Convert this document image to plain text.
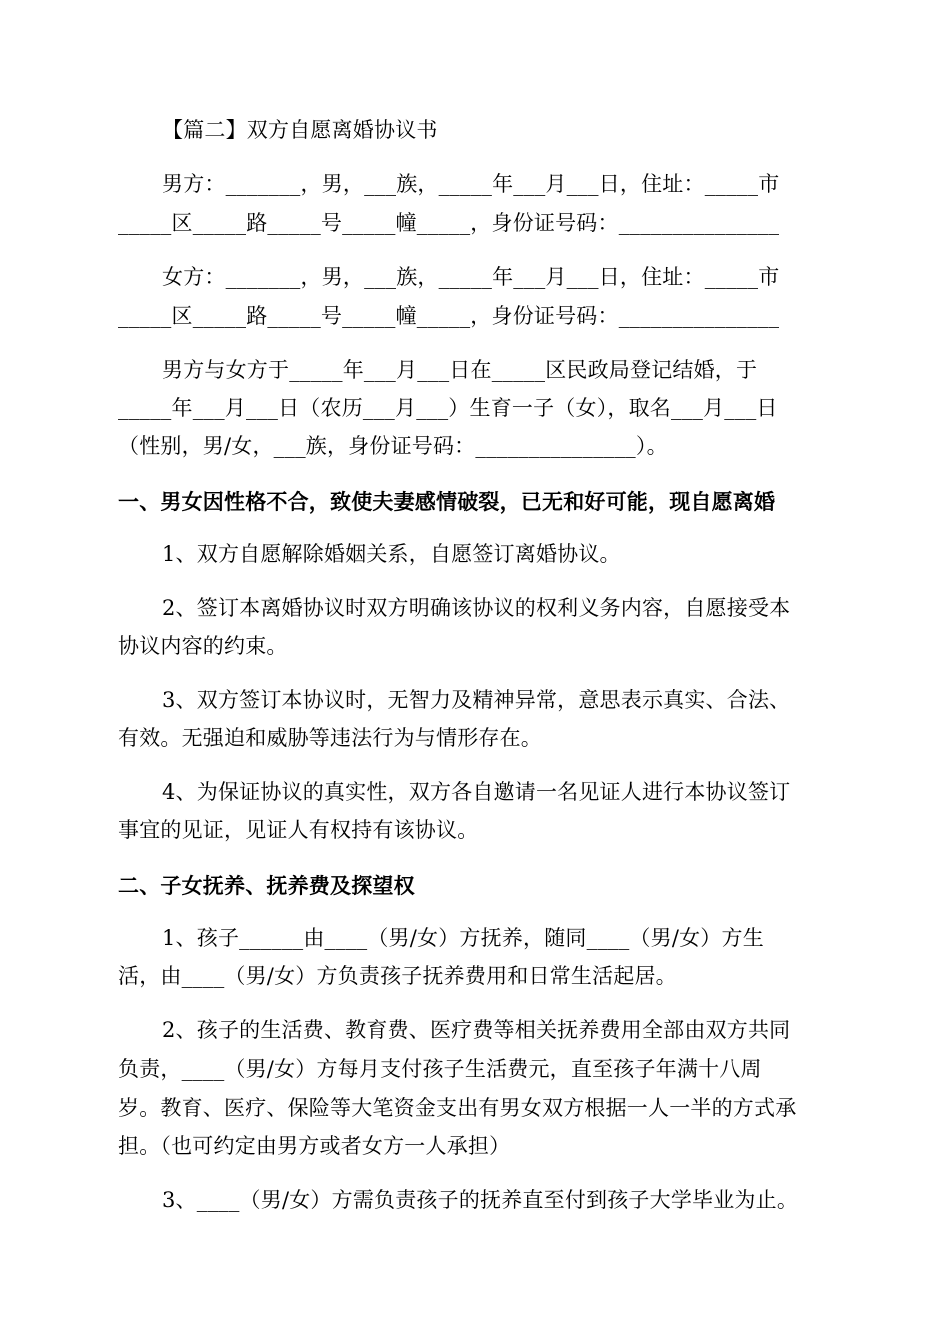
【篇二】双方自愿离婚协议书
男方：_______，男，___族，_____年___月___日，住址：_____市
_____区_____路_____号_____幢_____，身份证号码：_______________
女方：_______，男，___族，_____年___月___日，住址：_____市
_____区_____路_____号_____幢_____，身份证号码：_______________
男方与女方于_____年___月___日在_____区民政局登记结婚，于
_____年___月___日（农历___月___）生育一子（女），取名___月___日
（性别，男/女，___族，身份证号码：_______________）。
一、男女因性格不合，致使夫妻感情破裂，已无和好可能，现自愿离婚
1、双方自愿解除婚姻关系，自愿签订离婚协议。
2、签订本离婚协议时双方明确该协议的权利义务内容，自愿接受本
协议内容的约束。
3、双方签订本协议时，无智力及精神异常，意思表示真实、合法、
有效。无强迫和威胁等违法行为与情形存在。
4、为保证协议的真实性，双方各自邀请一名见证人进行本协议签订
事宜的见证，见证人有权持有该协议。
二、子女抚养、抚养费及探望权
1、孩子______由____（男/女）方抚养，随同____（男/女）方生
活，由____（男/女）方负责孩子抚养费用和日常生活起居。
2、孩子的生活费、教育费、医疗费等相关抚养费用全部由双方共同
负责，____（男/女）方每月支付孩子生活费元，直至孩子年满十八周
岁。教育、医疗、保险等大笔资金支出有男女双方根据一人一半的方式承
担。（也可约定由男方或者女方一人承担）
3、____（男/女）方需负责孩子的抚养直至付到孩子大学毕业为止。
